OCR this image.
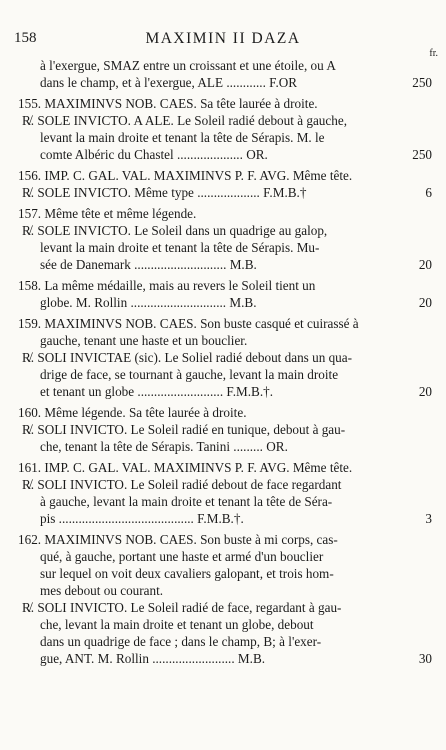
158	MAXIMIN II DAZA
fr.
à l'exergue, SMAZ entre un croissant et une étoile, ou A
dans le champ, et à l'exergue, ALE ............ F.OR	250
155. MAXIMINVS NOB. CAES. Sa tête laurée à droite.
R̸. SOLE INVICTO. A ALE. Le Soleil radié debout à gauche,
levant la main droite et tenant la tête de Sérapis. M. le
comte Albéric du Chastel .................... OR.	250
156. IMP. C. GAL. VAL. MAXIMINVS P. F. AVG. Même tête.
R̸. SOLE INVICTO. Même type ................... F.M.B.†	6
157. Même tête et même légende.
R̸. SOLE INVICTO. Le Soleil dans un quadrige au galop,
levant la main droite et tenant la tête de Sérapis. Mu-
sée de Danemark ............................ M.B.	20
158. La même médaille, mais au revers le Soleil tient un
globe. M. Rollin ............................. M.B.	20
159. MAXIMINVS NOB. CAES. Son buste casqué et cuirassé à
gauche, tenant une haste et un bouclier.
R̸. SOLI INVICTAE (sic). Le Soliel radié debout dans un qua-
drige de face, se tournant à gauche, levant la main droite
et tenant un globe .......................... F.M.B.†.	20
160. Même légende. Sa tête laurée à droite.
R̸. SOLI INVICTO. Le Soleil radié en tunique, debout à gau-
che, tenant la tête de Sérapis. Tanini ......... OR.
161. IMP. C. GAL. VAL. MAXIMINVS P. F. AVG. Même tête.
R̸. SOLI INVICTO. Le Soleil radié debout de face regardant
à gauche, levant la main droite et tenant la tête de Séra-
pis ......................................... F.M.B.†.	3
162. MAXIMINVS NOB. CAES. Son buste à mi corps, cas-
qué, à gauche, portant une haste et armé d'un bouclier
sur lequel on voit deux cavaliers galopant, et trois hom-
mes debout ou courant.
R̸. SOLI INVICTO. Le Soleil radié de face, regardant à gau-
che, levant la main droite et tenant un globe, debout
dans un quadrige de face ; dans le champ, B; à l'exer-
gue, ANT. M. Rollin ......................... M.B.	30
